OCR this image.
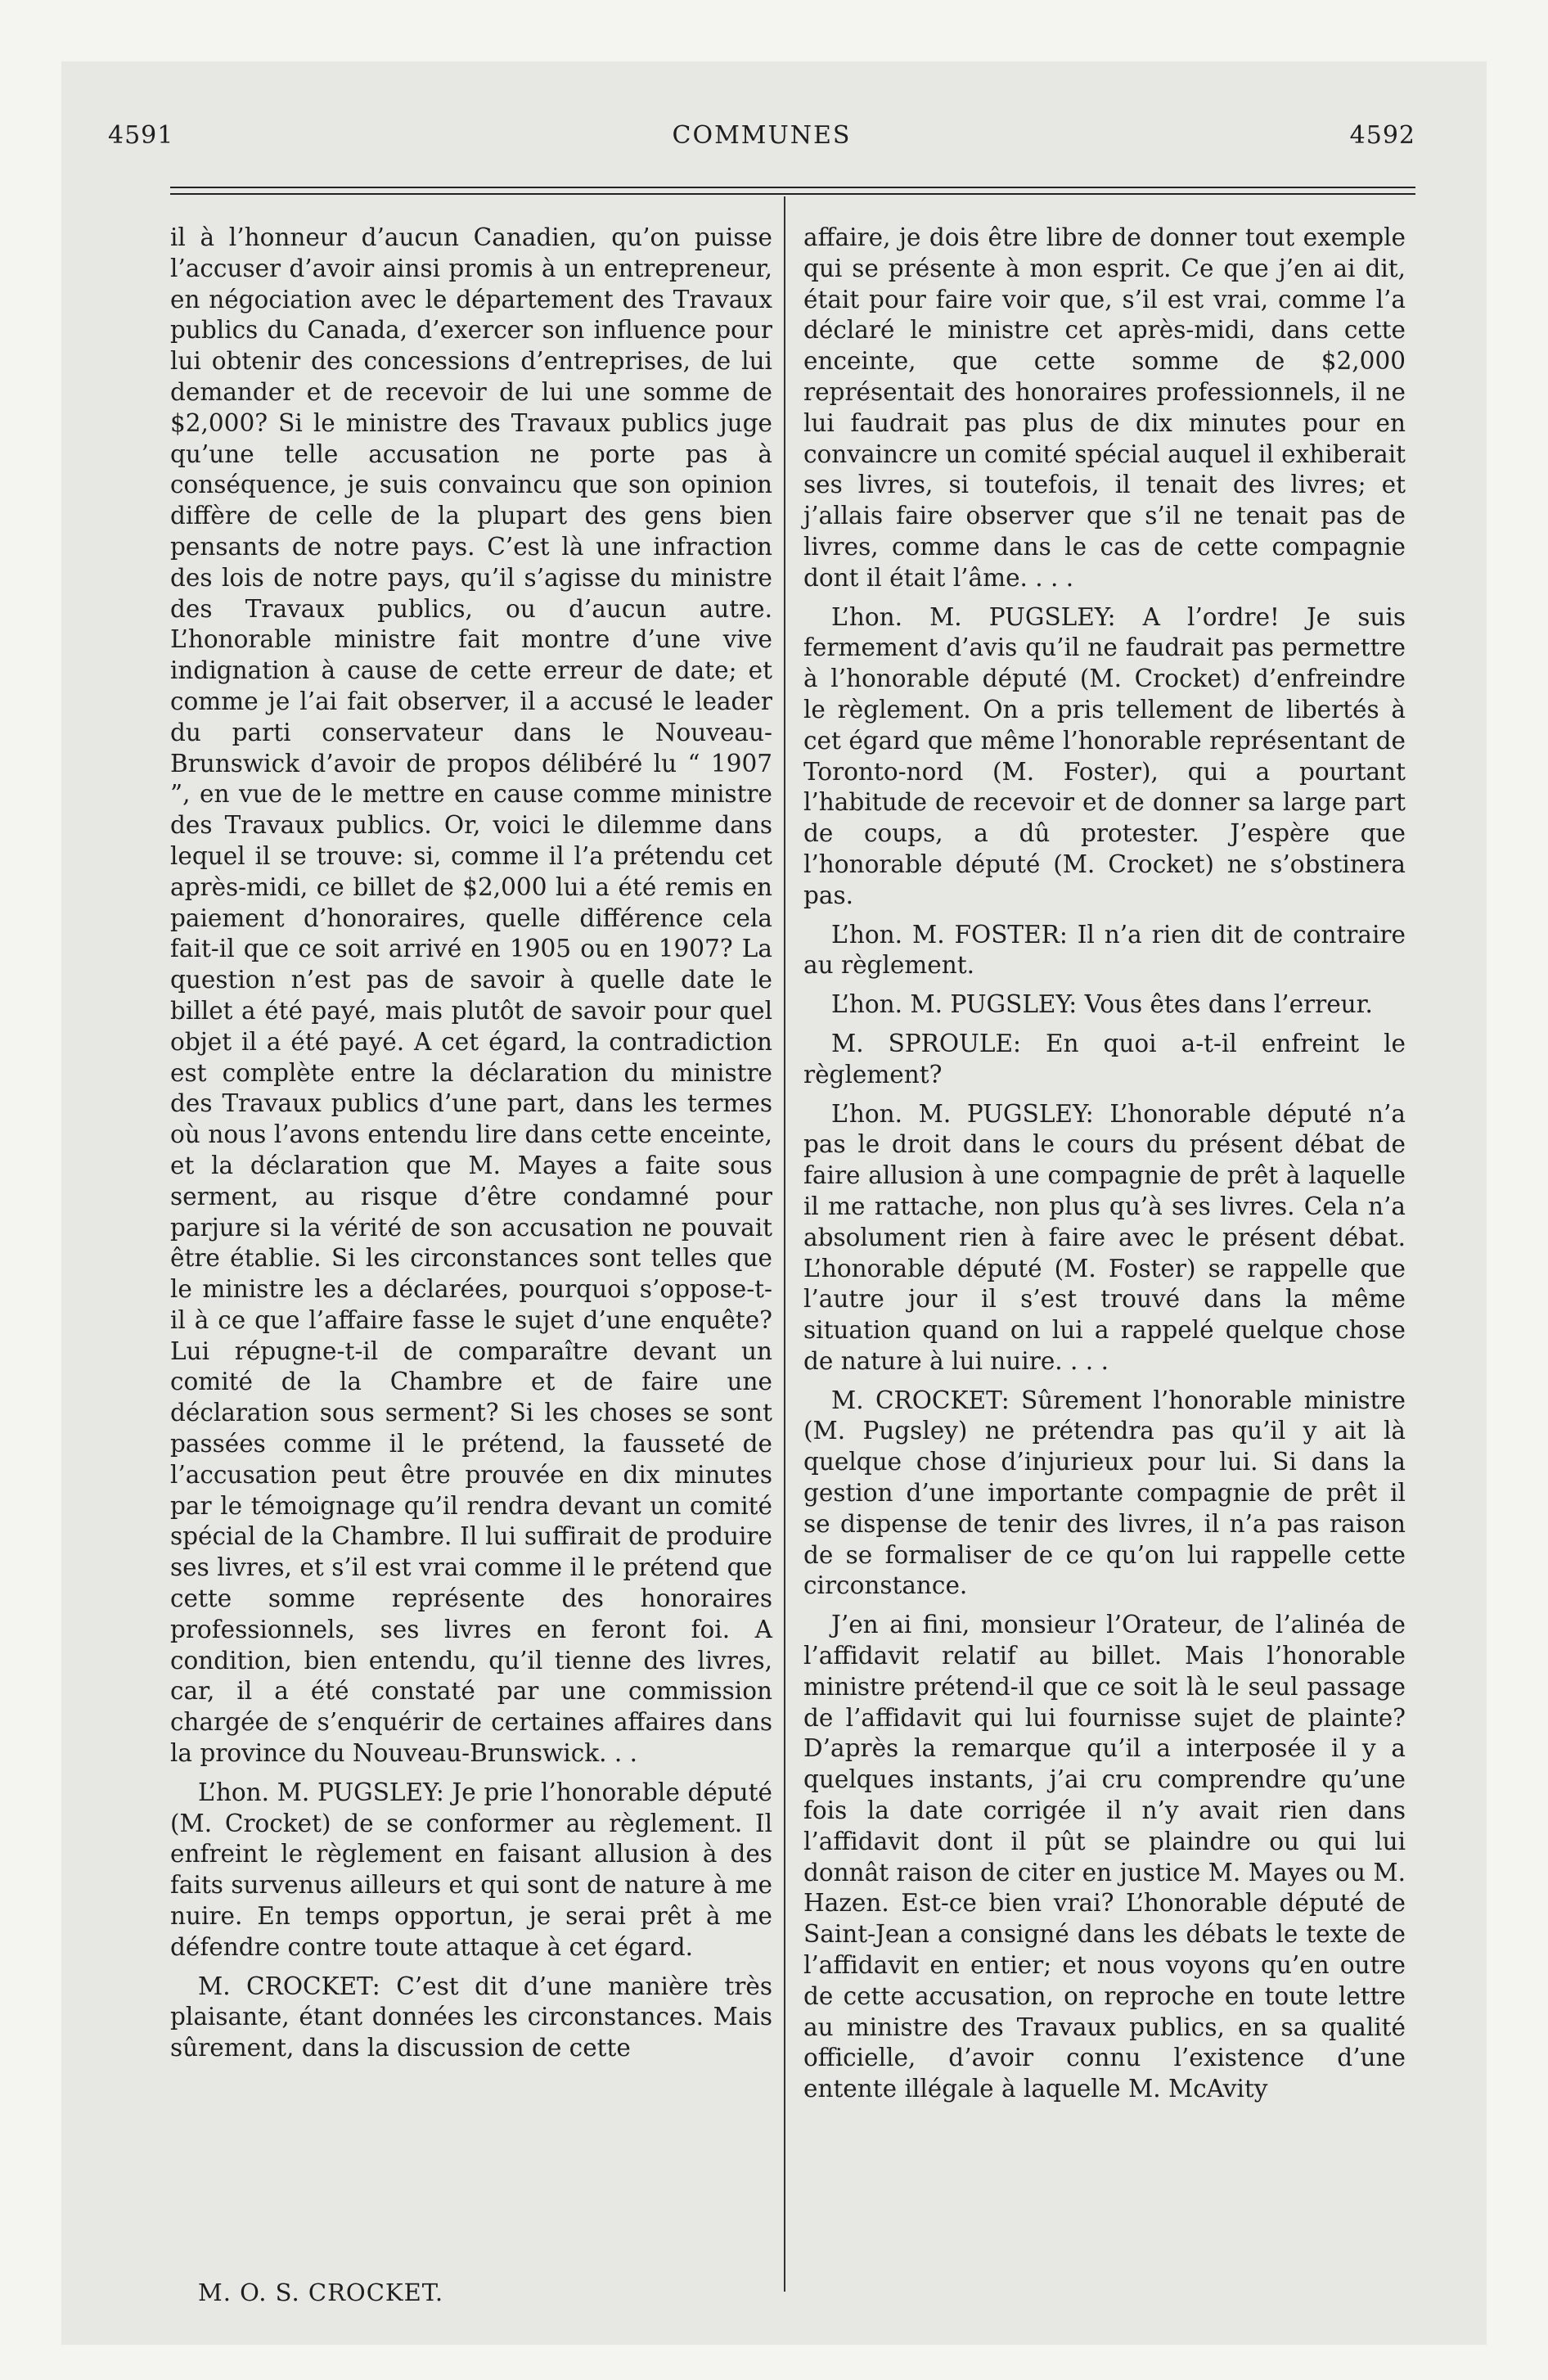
4591	COMMUNES	4592

il à l’honneur d’aucun Canadien, qu’on puisse l’accuser d’avoir ainsi promis à un entrepreneur, en négociation avec le département des Travaux publics du Canada, d’exercer son influence pour lui obtenir des concessions d’entreprises, de lui demander et de recevoir de lui une somme de $2,000? Si le ministre des Travaux publics juge qu’une telle accusation ne porte pas à conséquence, je suis convaincu que son opinion diffère de celle de la plupart des gens bien pensants de notre pays. C’est là une infraction des lois de notre pays, qu’il s’agisse du ministre des Travaux publics, ou d’aucun autre. L’honorable ministre fait montre d’une vive indignation à cause de cette erreur de date; et comme je l’ai fait observer, il a accusé le leader du parti conservateur dans le Nouveau-Brunswick d’avoir de propos délibéré lu “ 1907 ”, en vue de le mettre en cause comme ministre des Travaux publics. Or, voici le dilemme dans lequel il se trouve: si, comme il l’a prétendu cet après-midi, ce billet de $2,000 lui a été remis en paiement d’honoraires, quelle différence cela fait-il que ce soit arrivé en 1905 ou en 1907? La question n’est pas de savoir à quelle date le billet a été payé, mais plutôt de savoir pour quel objet il a été payé. A cet égard, la contradiction est complète entre la déclaration du ministre des Travaux publics d’une part, dans les termes où nous l’avons entendu lire dans cette enceinte, et la déclaration que M. Mayes a faite sous serment, au risque d’être condamné pour parjure si la vérité de son accusation ne pouvait être établie. Si les circonstances sont telles que le ministre les a déclarées, pourquoi s’oppose-t-il à ce que l’affaire fasse le sujet d’une enquête? Lui répugne-t-il de comparaître devant un comité de la Chambre et de faire une déclaration sous serment? Si les choses se sont passées comme il le prétend, la fausseté de l’accusation peut être prouvée en dix minutes par le témoignage qu’il rendra devant un comité spécial de la Chambre. Il lui suffirait de produire ses livres, et s’il est vrai comme il le prétend que cette somme représente des honoraires professionnels, ses livres en feront foi. A condition, bien entendu, qu’il tienne des livres, car, il a été constaté par une commission chargée de s’enquérir de certaines affaires dans la province du Nouveau-Brunswick. . .

L’hon. M. PUGSLEY: Je prie l’honorable député (M. Crocket) de se conformer au règlement. Il enfreint le règlement en faisant allusion à des faits survenus ailleurs et qui sont de nature à me nuire. En temps opportun, je serai prêt à me défendre contre toute attaque à cet égard.

M. CROCKET: C’est dit d’une manière très plaisante, étant données les circonstances. Mais sûrement, dans la discussion de cette

affaire, je dois être libre de donner tout exemple qui se présente à mon esprit. Ce que j’en ai dit, était pour faire voir que, s’il est vrai, comme l’a déclaré le ministre cet après-midi, dans cette enceinte, que cette somme de $2,000 représentait des honoraires professionnels, il ne lui faudrait pas plus de dix minutes pour en convaincre un comité spécial auquel il exhiberait ses livres, si toutefois, il tenait des livres; et j’allais faire observer que s’il ne tenait pas de livres, comme dans le cas de cette compagnie dont il était l’âme. . . .

L’hon. M. PUGSLEY: A l’ordre! Je suis fermement d’avis qu’il ne faudrait pas permettre à l’honorable député (M. Crocket) d’enfreindre le règlement. On a pris tellement de libertés à cet égard que même l’honorable représentant de Toronto-nord (M. Foster), qui a pourtant l’habitude de recevoir et de donner sa large part de coups, a dû protester. J’espère que l’honorable député (M. Crocket) ne s’obstinera pas.

L’hon. M. FOSTER: Il n’a rien dit de contraire au règlement.

L’hon. M. PUGSLEY: Vous êtes dans l’erreur.

M. SPROULE: En quoi a-t-il enfreint le règlement?

L’hon. M. PUGSLEY: L’honorable député n’a pas le droit dans le cours du présent débat de faire allusion à une compagnie de prêt à laquelle il me rattache, non plus qu’à ses livres. Cela n’a absolument rien à faire avec le présent débat. L’honorable député (M. Foster) se rappelle que l’autre jour il s’est trouvé dans la même situation quand on lui a rappelé quelque chose de nature à lui nuire. . . .

M. CROCKET: Sûrement l’honorable ministre (M. Pugsley) ne prétendra pas qu’il y ait là quelque chose d’injurieux pour lui. Si dans la gestion d’une importante compagnie de prêt il se dispense de tenir des livres, il n’a pas raison de se formaliser de ce qu’on lui rappelle cette circonstance.

J’en ai fini, monsieur l’Orateur, de l’alinéa de l’affidavit relatif au billet. Mais l’honorable ministre prétend-il que ce soit là le seul passage de l’affidavit qui lui fournisse sujet de plainte? D’après la remarque qu’il a interposée il y a quelques instants, j’ai cru comprendre qu’une fois la date corrigée il n’y avait rien dans l’affidavit dont il pût se plaindre ou qui lui donnât raison de citer en justice M. Mayes ou M. Hazen. Est-ce bien vrai? L’honorable député de Saint-Jean a consigné dans les débats le texte de l’affidavit en entier; et nous voyons qu’en outre de cette accusation, on reproche en toute lettre au ministre des Travaux publics, en sa qualité officielle, d’avoir connu l’existence d’une entente illégale à laquelle M. McAvity

M. O. S. CROCKET.
